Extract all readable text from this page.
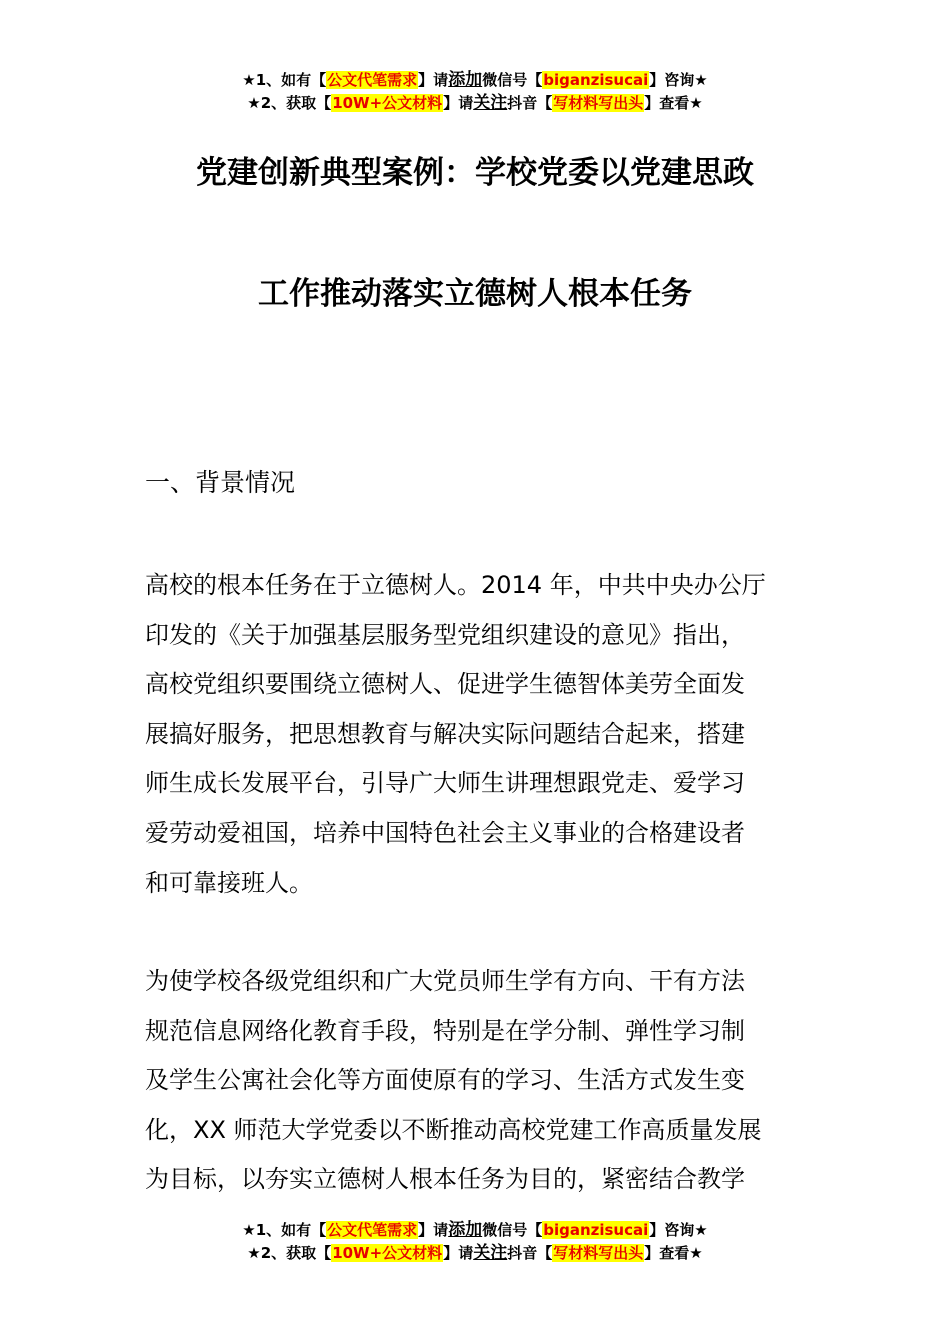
★1、如有【公文代笔需求】请添加微信号【biganzisucai】咨询★
★2、获取【10W+公文材料】请关注抖音【写材料写出头】查看★
党建创新典型案例：学校党委以党建思政
工作推动落实立德树人根本任务
一、背景情况
高校的根本任务在于立德树人。2014 年，中共中央办公厅
印发的《关于加强基层服务型党组织建设的意见》指出，
高校党组织要围绕立德树人、促进学生德智体美劳全面发
展搞好服务，把思想教育与解决实际问题结合起来，搭建
师生成长发展平台，引导广大师生讲理想跟党走、爱学习
爱劳动爱祖国，培养中国特色社会主义事业的合格建设者
和可靠接班人。
为使学校各级党组织和广大党员师生学有方向、干有方法
规范信息网络化教育手段，特别是在学分制、弹性学习制
及学生公寓社会化等方面使原有的学习、生活方式发生变
化，XX 师范大学党委以不断推动高校党建工作高质量发展
为目标，以夯实立德树人根本任务为目的，紧密结合教学
★1、如有【公文代笔需求】请添加微信号【biganzisucai】咨询★
★2、获取【10W+公文材料】请关注抖音【写材料写出头】查看★
